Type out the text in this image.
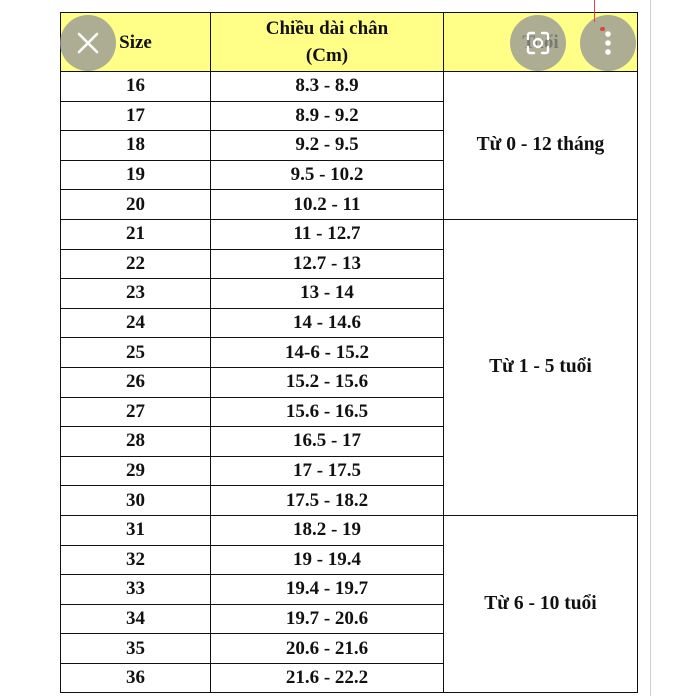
Size	Chiều dài chân
(Cm)	
16	8.3 - 8.9	Từ 0 - 12 tháng
17	8.9 - 9.2	
18	9.2 - 9.5	
19	9.5 - 10.2	
20	10.2 - 11	
21	11 - 12.7	Từ 1 - 5 tuổi
22	12.7 - 13	
23	13 - 14	
24	14 - 14.6	
25	14-6 - 15.2	
26	15.2 - 15.6	
27	15.6 - 16.5	
28	16.5 - 17	
29	17 - 17.5	
30	17.5 - 18.2	
31	18.2 - 19	Từ 6 - 10 tuổi
32	19 - 19.4	
33	19.4 - 19.7	
34	19.7 - 20.6	
35	20.6 - 21.6	
36	21.6 - 22.2	
